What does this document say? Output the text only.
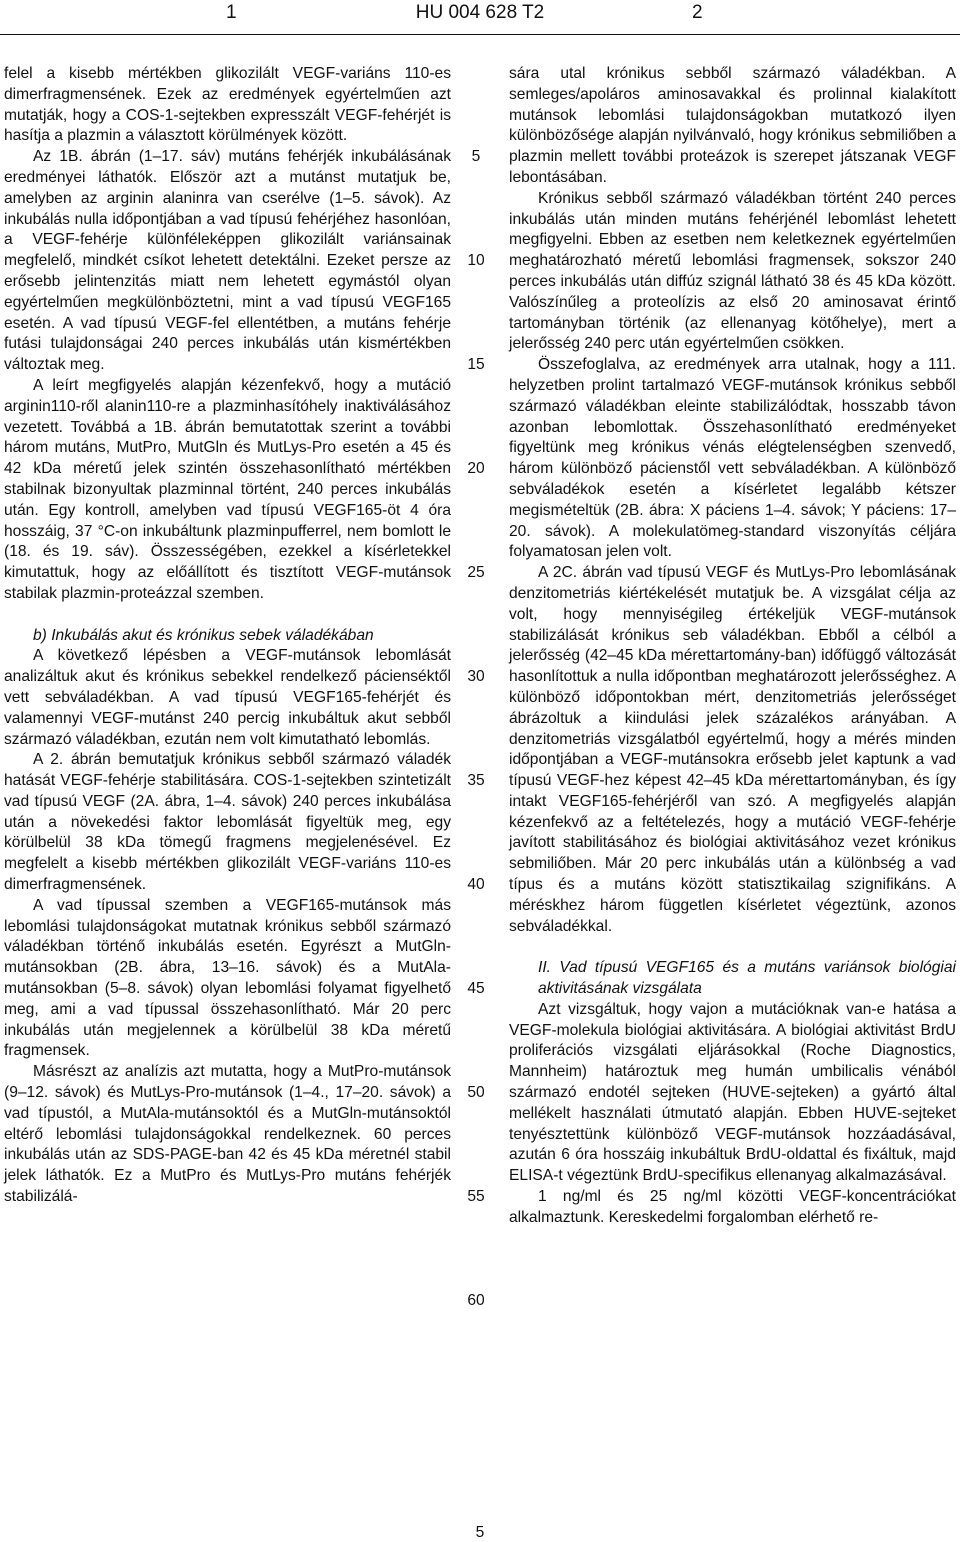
1	HU 004 628 T2	2

felel a kisebb mértékben glikozilált VEGF-variáns 110-es dimerfragmensének. Ezek az eredmények egyértelműen azt mutatják, hogy a COS-1-sejtekben expresszált VEGF-fehérjét is hasítja a plazmin a választott körülmények között.

Az 1B. ábrán (1–17. sáv) mutáns fehérjék inkubálásának eredményei láthatók. Először azt a mutánst mutatjuk be, amelyben az arginin alaninra van cserélve (1–5. sávok). Az inkubálás nulla időpontjában a vad típusú fehérjéhez hasonlóan, a VEGF-fehérje különféleképpen glikozilált variánsainak megfelelő, mindkét csíkot lehetett detektálni. Ezeket persze az erősebb jelintenzitás miatt nem lehetett egymástól olyan egyértelműen megkülönböztetni, mint a vad típusú VEGF165 esetén. A vad típusú VEGF-fel ellentétben, a mutáns fehérje futási tulajdonságai 240 perces inkubálás után kismértékben változtak meg.

A leírt megfigyelés alapján kézenfekvő, hogy a mutáció arginin110-ről alanin110-re a plazminhasítóhely inaktiválásához vezetett. Továbbá a 1B. ábrán bemutatottak szerint a további három mutáns, MutPro, MutGln és MutLys-Pro esetén a 45 és 42 kDa méretű jelek szintén összehasonlítható mértékben stabilnak bizonyultak plazminnal történt, 240 perces inkubálás után. Egy kontroll, amelyben vad típusú VEGF165-öt 4 óra hosszáig, 37 °C-on inkubáltunk plazminpufferrel, nem bomlott le (18. és 19. sáv). Összességében, ezekkel a kísérletekkel kimutattuk, hogy az előállított és tisztított VEGF-mutánsok stabilak plazmin-proteázzal szemben.

b) Inkubálás akut és krónikus sebek váladékában

A következő lépésben a VEGF-mutánsok lebomlását analizáltuk akut és krónikus sebekkel rendelkező pácienséktől vett sebváladékban. A vad típusú VEGF165-fehérjét és valamennyi VEGF-mutánst 240 percig inkubáltuk akut sebből származó váladékban, ezután nem volt kimutatható lebomlás.

A 2. ábrán bemutatjuk krónikus sebből származó váladék hatását VEGF-fehérje stabilitására. COS-1-sejtekben szintetizált vad típusú VEGF (2A. ábra, 1–4. sávok) 240 perces inkubálása után a növekedési faktor lebomlását figyeltük meg, egy körülbelül 38 kDa tömegű fragmens megjelenésével. Ez megfelelt a kisebb mértékben glikozilált VEGF-variáns 110-es dimerfragmensének.

A vad típussal szemben a VEGF165-mutánsok más lebomlási tulajdonságokat mutatnak krónikus sebből származó váladékban történő inkubálás esetén. Egyrészt a MutGln-mutánsokban (2B. ábra, 13–16. sávok) és a MutAla-mutánsokban (5–8. sávok) olyan lebomlási folyamat figyelhető meg, ami a vad típussal összehasonlítható. Már 20 perc inkubálás után megjelennek a körülbelül 38 kDa méretű fragmensek.

Másrészt az analízis azt mutatta, hogy a MutPro-mutánsok (9–12. sávok) és MutLys-Pro-mutánsok (1–4., 17–20. sávok) a vad típustól, a MutAla-mutánsoktól és a MutGln-mutánsoktól eltérő lebomlási tulajdonságokkal rendelkeznek. 60 perces inkubálás után az SDS-PAGE-ban 42 és 45 kDa méretnél stabil jelek láthatók. Ez a MutPro és MutLys-Pro mutáns fehérjék stabilizálá-

sára utal krónikus sebből származó váladékban. A semleges/apoláros aminosavakkal és prolinnal kialakított mutánsok lebomlási tulajdonságokban mutatkozó ilyen különbözősége alapján nyilvánvaló, hogy krónikus sebmiliőben a plazmin mellett további proteázok is szerepet játszanak VEGF lebontásában.

Krónikus sebből származó váladékban történt 240 perces inkubálás után minden mutáns fehérjénél lebomlást lehetett megfigyelni. Ebben az esetben nem keletkeznek egyértelműen meghatározható méretű lebomlási fragmensek, sokszor 240 perces inkubálás után diffúz szignál látható 38 és 45 kDa között. Valószínűleg a proteolízis az első 20 aminosavat érintő tartományban történik (az ellenanyag kötőhelye), mert a jelerősség 240 perc után egyértelműen csökken.

Összefoglalva, az eredmények arra utalnak, hogy a 111. helyzetben prolint tartalmazó VEGF-mutánsok krónikus sebből származó váladékban eleinte stabilizálódtak, hosszabb távon azonban lebomlottak. Összehasonlítható eredményeket figyeltünk meg krónikus vénás elégtelenségben szenvedő, három különböző pácienstől vett sebváladékban. A különböző sebváladékok esetén a kísérletet legalább kétszer megismételtük (2B. ábra: X páciens 1–4. sávok; Y páciens: 17–20. sávok). A molekulatömeg-standard viszonyítás céljára folyamatosan jelen volt.

A 2C. ábrán vad típusú VEGF és MutLys-Pro lebomlásának denzitometriás kiértékelését mutatjuk be. A vizsgálat célja az volt, hogy mennyiségileg értékeljük VEGF-mutánsok stabilizálását krónikus seb váladékban. Ebből a célból a jelerősség (42–45 kDa mérettartomány-ban) időfüggő változását hasonlítottuk a nulla időpontban meghatározott jelerősséghez. A különböző időpontokban mért, denzitometriás jelerősséget ábrázoltuk a kiindulási jelek százalékos arányában. A denzitometriás vizsgálatból egyértelmű, hogy a mérés minden időpontjában a VEGF-mutánsokra erősebb jelet kaptunk a vad típusú VEGF-hez képest 42–45 kDa mérettartományban, és így intakt VEGF165-fehérjéről van szó. A megfigyelés alapján kézenfekvő az a feltételezés, hogy a mutáció VEGF-fehérje javított stabilitásához és biológiai aktivitásához vezet krónikus sebmiliőben. Már 20 perc inkubálás után a különbség a vad típus és a mutáns között statisztikailag szignifikáns. A méréskhez három független kísérletet végeztünk, azonos sebváladékkal.

II. Vad típusú VEGF165 és a mutáns variánsok biológiai aktivitásának vizsgálata

Azt vizsgáltuk, hogy vajon a mutációknak van-e hatása a VEGF-molekula biológiai aktivitására. A biológiai aktivitást BrdU proliferációs vizsgálati eljárásokkal (Roche Diagnostics, Mannheim) határoztuk meg humán umbilicalis vénából származó endotél sejteken (HUVE-sejteken) a gyártó által mellékelt használati útmutató alapján. Ebben HUVE-sejteket tenyésztettünk különböző VEGF-mutánsok hozzáadásával, azután 6 óra hosszáig inkubáltuk BrdU-oldattal és fixáltuk, majd ELISA-t végeztünk BrdU-specifikus ellenanyag alkalmazásával.

1 ng/ml és 25 ng/ml közötti VEGF-koncentrációkat alkalmaztunk. Kereskedelmi forgalomban elérhető re-

5
10
15
20
25
30
35
40
45
50
55
60
5
